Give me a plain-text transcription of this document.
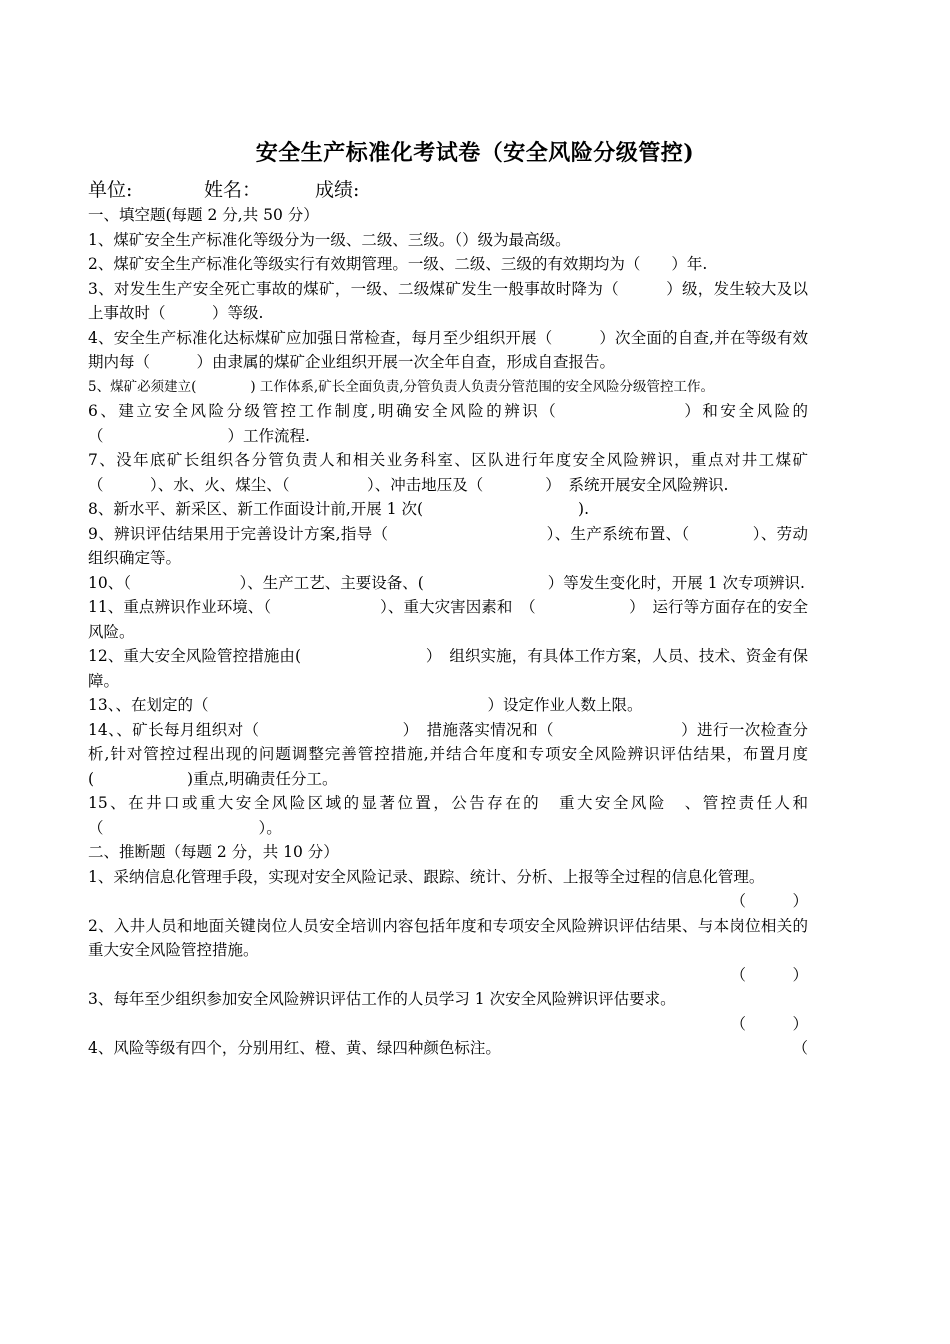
安全生产标准化考试卷（安全风险分级管控)
单位:	姓名：	成绩:

一、填空题(每题 2 分,共 50 分）

1、煤矿安全生产标准化等级分为一级、二级、三级。（）级为最高级。

2、煤矿安全生产标准化等级实行有效期管理。一级、二级、三级的有效期均为（　　）年.

3、对发生生产安全死亡事故的煤矿，一级、二级煤矿发生一般事故时降为（　　　）级，发生较大及以上事故时（　　　）等级.

4、安全生产标准化达标煤矿应加强日常检查，每月至少组织开展（　　　）次全面的自查,并在等级有效期内每（　　　）由隶属的煤矿企业组织开展一次全年自查，形成自查报告。

5、煤矿必须建立(　　　　) 工作体系,矿长全面负责,分管负责人负责分管范围的安全风险分级管控工作。

6、建立安全风险分级管控工作制度,明确安全风险的辨识（　　　　　　　）和安全风险的（　　　　　　　　）工作流程.

7、没年底矿长组织各分管负责人和相关业务科室、区队进行年度安全风险辨识，重点对井工煤矿（　　　）、水、火、煤尘、（　　　　　）、冲击地压及（　　　　）　系统开展安全风险辨识.

8、新水平、新采区、新工作面设计前,开展 1 次(　　　　　　　　　　).

9、辨识评估结果用于完善设计方案,指导（　　　　　　　　　　）、生产系统布置、（　　　　）、劳动组织确定等。

10、（　　　　　　　）、生产工艺、主要设备、(　　　　　　　　）等发生变化时，开展 1 次专项辨识.

11、重点辨识作业环境、（　　　　　　　）、重大灾害因素和　（　　　　　　）　运行等方面存在的安全风险。

12、重大安全风险管控措施由(　　　　　　　　）　组织实施，有具体工作方案，人员、技术、资金有保障。

13、、在划定的（　　　　　　　　　　　　　　　　　　）设定作业人数上限。

14、、矿长每月组织对（　　　　　　　　　）　措施落实情况和（　　　　　　　　）进行一次检查分析,针对管控过程出现的问题调整完善管控措施,并结合年度和专项安全风险辨识评估结果，布置月度　(　　　　　　)重点,明确责任分工。

15、在井口或重大安全风险区域的显著位置，公告存在的　重大安全风险　、管控责任人和　（　　　　　　　　　　）。

二、推断题（每题 2 分，共 10 分）

1、采纳信息化管理手段，实现对安全风险记录、跟踪、统计、分析、上报等全过程的信息化管理。

（　　　）

2、入井人员和地面关键岗位人员安全培训内容包括年度和专项安全风险辨识评估结果、与本岗位相关的重大安全风险管控措施。

（　　　）

3、每年至少组织参加安全风险辨识评估工作的人员学习 1 次安全风险辨识评估要求。

（　　　）

4、风险等级有四个，分别用红、橙、黄、绿四种颜色标注。	（
